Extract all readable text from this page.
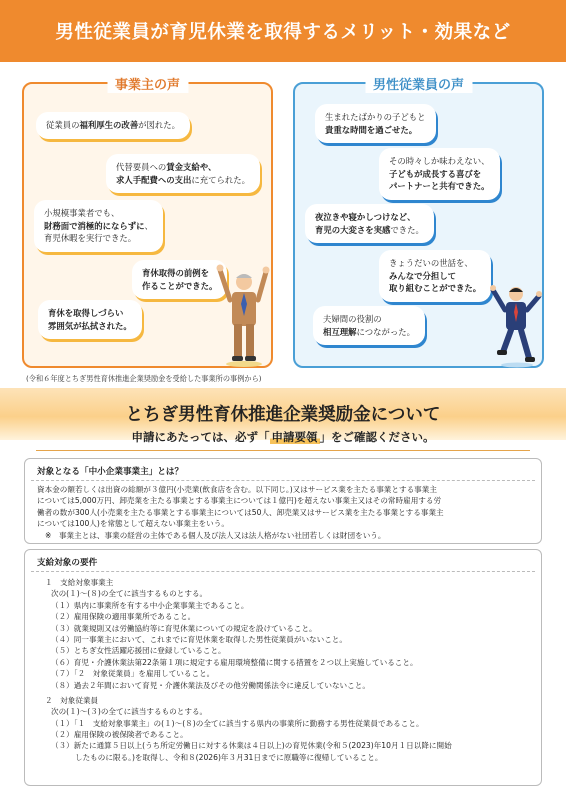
男性従業員が育児休業を取得するメリット・効果など
事業主の声
従業員の福利厚生の改善が図れた。
代替要員への賃金支給や、
求人手配費への支出に充てられた。
小規模事業者でも、
財務面で消極的にならずに、
育児休暇を実行できた。
育休取得の前例を
作ることができた。
育休を取得しづらい
雰囲気が払拭された。
男性従業員の声
生まれたばかりの子どもと
貴重な時間を過ごせた。
その時々しか味わえない、
子どもが成長する喜びを
パートナーと共有できた。
夜泣きや寝かしつけなど、
育児の大変さを実感できた。
きょうだいの世話を、
みんなで分担して
取り組むことができた。
夫婦間の役割の
相互理解につながった。
(令和６年度とちぎ男性育休推進企業奨励金を受給した事業所の事例から)
とちぎ男性育休推進企業奨励金について
申請にあたっては、必ず「 申請要領 」をご確認ください。
対象となる「中小企業事業主」とは？
資本金の額若しくは出資の総額が３億円(小売業(飲食店を含む。以下同じ。)又はサービス業を主たる事業とする事業主
については5,000万円、卸売業を主たる事業とする事業主については１億円)を超えない事業主又はその常時雇用する労
働者の数が300人(小売業を主たる事業とする事業主については50人、卸売業又はサービス業を主たる事業とする事業主
については100人)を常態として超えない事業主をいう。
※　事業主とは、事業の経営の主体である個人及び法人又は法人格がない社団若しくは財団をいう。
支給対象の要件
１　支給対象事業主
次の(１)～(８)の全てに該当するものとする。
（１）県内に事業所を有する中小企業事業主であること。
（２）雇用保険の適用事業所であること。
（３）就業規則又は労働協約等に育児休業についての規定を設けていること。
（４）同一事業主において、これまでに育児休業を取得した男性従業員がいないこと。
（５）とちぎ女性活躍応援団に登録していること。
（６）育児・介護休業法第22条第１項に規定する雇用環境整備に関する措置を２つ以上実施していること。
（７）「２　対象従業員」を雇用していること。
（８）過去２年間において育児・介護休業法及びその他労働関係法令に違反していないこと。
２　対象従業員
次の(１)～(３)の全てに該当するものとする。
（１）「１　支給対象事業主」の(１)～(８)の全てに該当する県内の事業所に勤務する男性従業員であること。
（２）雇用保険の被保険者であること。
（３）新たに通算５日以上(うち所定労働日に対する休業は４日以上)の育児休業(令和５(2023)年10月１日以降に開始
したものに限る。)を取得し、令和８(2026)年３月31日までに原職等に復帰していること。
